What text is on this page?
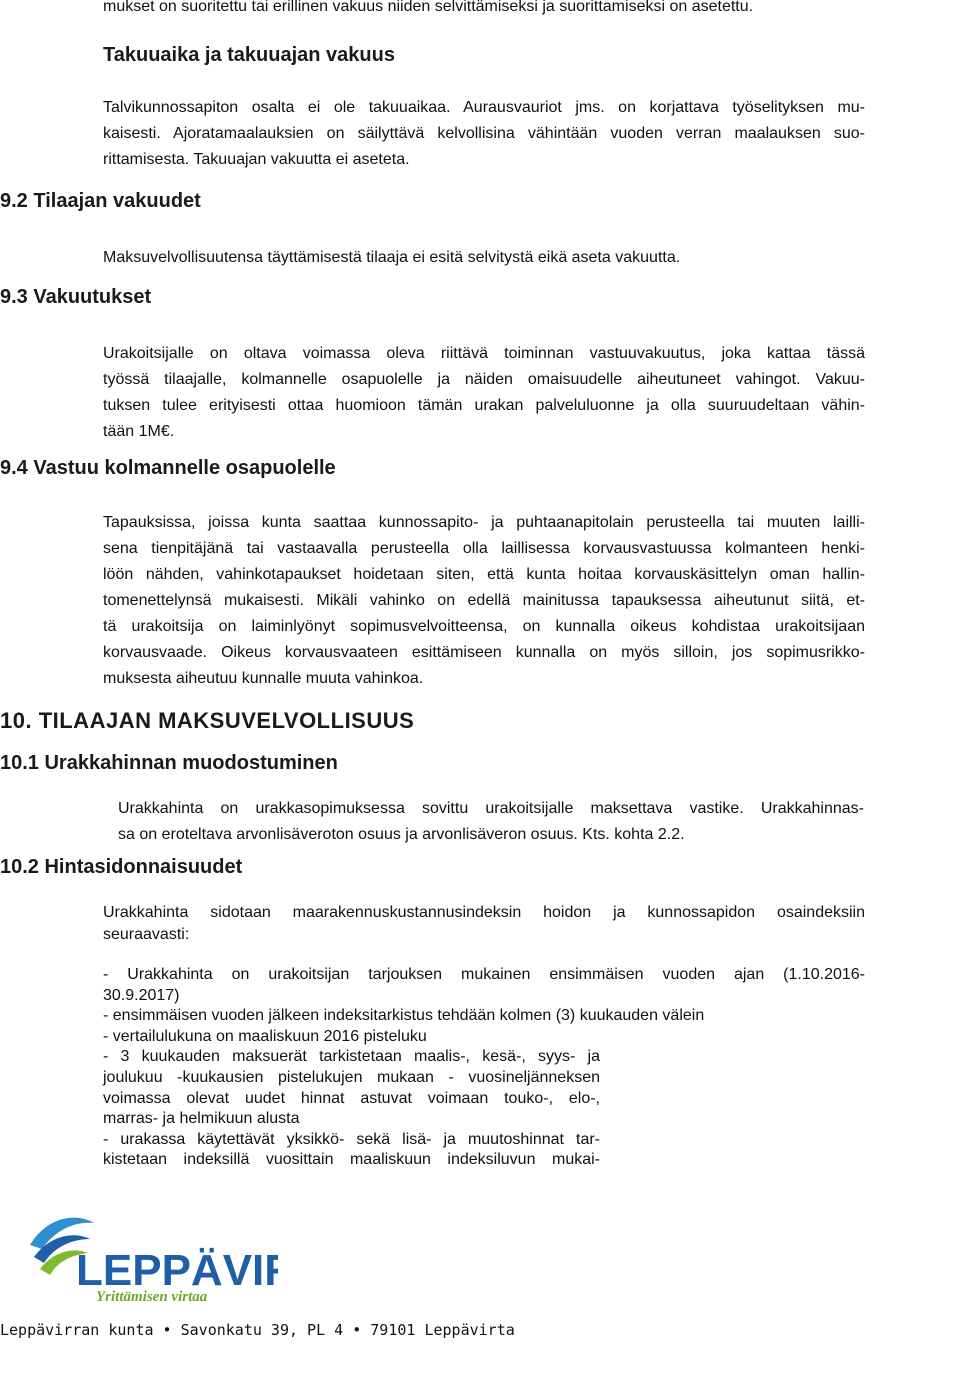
mukset on suoritettu tai erillinen vakuus niiden selvittämiseksi ja suorittamiseksi on asetettu.
Takuuaika ja takuuajan vakuus
Talvikunnossapiton osalta ei ole takuuaikaa. Aurausvauriot jms. on korjattava työselityksen mu-
kaisesti. Ajoratamaalauksien on säilyttävä kelvollisina vähintään vuoden verran maalauksen suo-
rittamisesta. Takuuajan vakuutta ei aseteta.
9.2 Tilaajan vakuudet
Maksuvelvollisuutensa täyttämisestä tilaaja ei esitä selvitystä eikä aseta vakuutta.
9.3 Vakuutukset
Urakoitsijalle on oltava voimassa oleva riittävä toiminnan vastuuvakuutus, joka kattaa tässä
työssä tilaajalle, kolmannelle osapuolelle ja näiden omaisuudelle aiheutuneet vahingot. Vakuu-
tuksen tulee erityisesti ottaa huomioon tämän urakan palveluluonne ja olla suuruudeltaan vähin-
tään 1M€.
9.4 Vastuu kolmannelle osapuolelle
Tapauksissa, joissa kunta saattaa kunnossapito- ja puhtaanapitolain perusteella tai muuten lailli-
sena tienpitäjänä tai vastaavalla perusteella olla laillisessa korvausvastuussa kolmanteen henki-
löön nähden, vahinkotapaukset hoidetaan siten, että kunta hoitaa korvauskäsittelyn oman hallin-
tomenettelynsä mukaisesti. Mikäli vahinko on edellä mainitussa tapauksessa aiheutunut siitä, et-
tä urakoitsija on laiminlyönyt sopimusvelvoitteensa, on kunnalla oikeus kohdistaa urakoitsijaan
korvausvaade. Oikeus korvausvaateen esittämiseen kunnalla on myös silloin, jos sopimusrikko-
muksesta aiheutuu kunnalle muuta vahinkoa.
10. TILAAJAN MAKSUVELVOLLISUUS
10.1 Urakkahinnan muodostuminen
Urakkahinta on urakkasopimuksessa sovittu urakoitsijalle maksettava vastike. Urakkahinnas-
sa on eroteltava arvonlisäveroton osuus ja arvonlisäveron osuus. Kts. kohta 2.2.
10.2 Hintasidonnaisuudet
Urakkahinta sidotaan maarakennuskustannusindeksin hoidon ja kunnossapidon osaindeksiin
seuraavasti:
- Urakkahinta on urakoitsijan tarjouksen mukainen ensimmäisen vuoden ajan (1.10.2016-
30.9.2017)
- ensimmäisen vuoden jälkeen indeksitarkistus tehdään kolmen (3) kuukauden välein
- vertailulukuna on maaliskuun 2016 pisteluku
- 3 kuukauden maksuerät tarkistetaan maalis-, kesä-, syys- ja
joulukuu -kuukausien pistelukujen mukaan - vuosineljänneksen
voimassa olevat uudet hinnat astuvat voimaan touko-, elo-,
marras- ja helmikuun alusta
- urakassa käytettävät yksikkö- sekä lisä- ja muutoshinnat tar-
kistetaan indeksillä vuosittain maaliskuun indeksiluvun mukai-
LEPPÄVI
Yrittämisen virtaa
Leppävirran kunta • Savonkatu 39, PL 4 • 79101 Leppävirta
